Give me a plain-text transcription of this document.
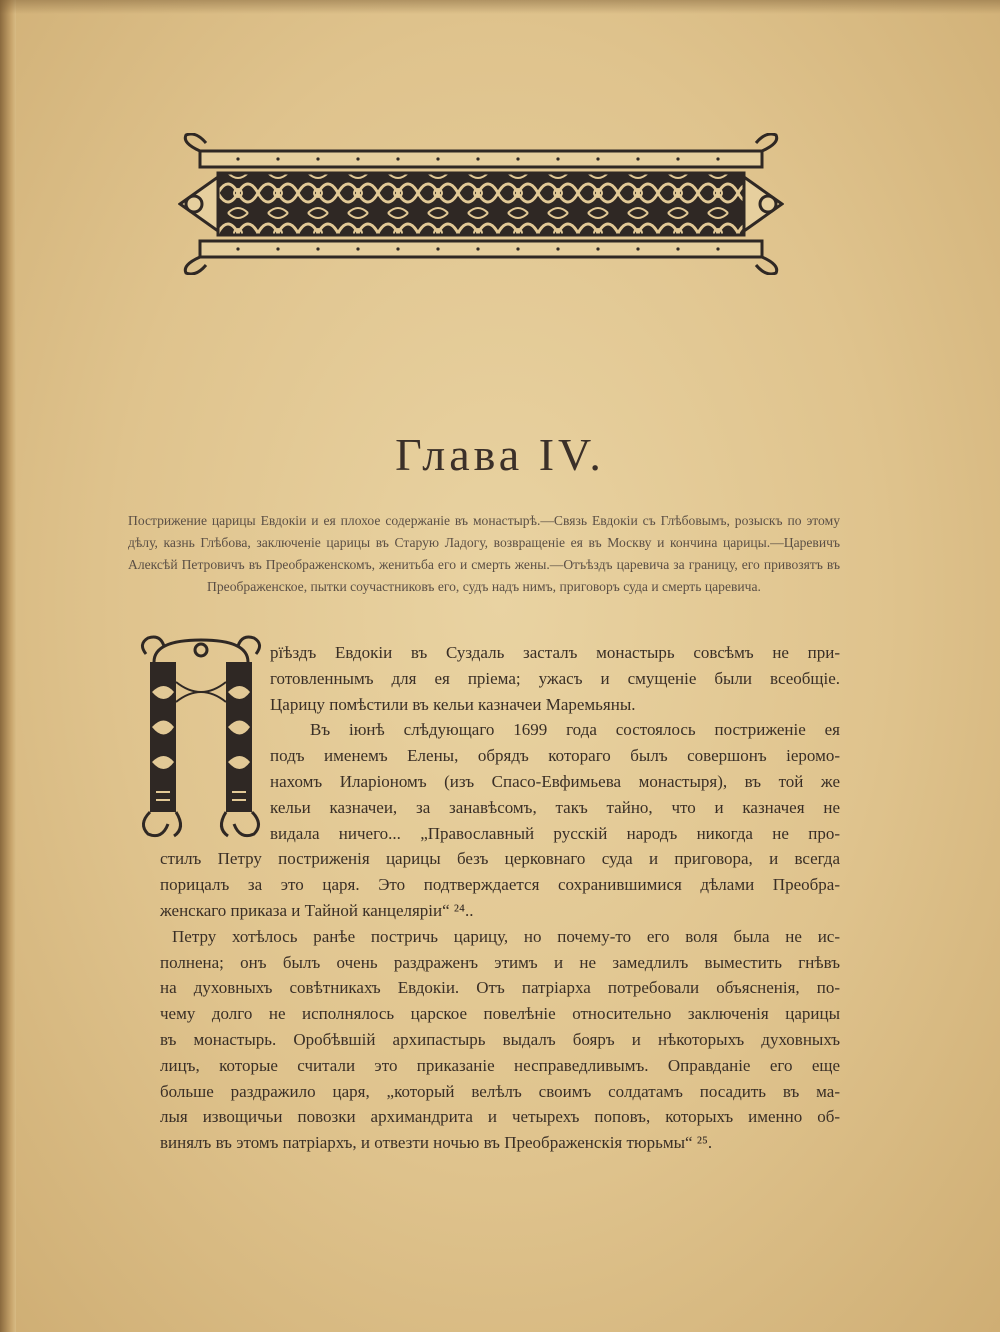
Глава IV.
Пострижение царицы Евдокіи и ея плохое содержаніе въ монастырѣ.—Связь Евдокіи съ Глѣбовымъ, розыскъ по этому дѣлу, казнь Глѣбова, заключеніе царицы въ Старую Ладогу, возвращеніе ея въ Москву и кончина царицы.—Царевичъ Алексѣй Петровичъ въ Преображенскомъ, женитьба его и смерть жены.—Отъѣздъ царевича за границу, его привозятъ въ Преображенское, пытки соучастниковъ его, судъ надъ нимъ, приговоръ суда и смерть царевича.
рїѣздъ Евдокіи въ Суздаль засталъ монастырь совсѣмъ не при-
готовленнымъ для ея пріема; ужасъ и смущеніе были всеобщіе.
Царицу помѣстили въ кельи казначеи Маремьяны.
Въ іюнѣ слѣдующаго 1699 года состоялось постриженіе ея
подъ именемъ Елены, обрядъ котораго былъ совершонъ іеромо-
нахомъ Иларіономъ (изъ Спасо-Евфимьева монастыря), въ той же
кельи казначеи, за занавѣсомъ, такъ тайно, что и казначея не
видала ничего... „Православный русскій народъ никогда не про-
стилъ Петру постриженія царицы безъ церковнаго суда и приговора, и всегда
порицалъ за это царя. Это подтверждается сохранившимися дѣлами Преобра-
женскаго приказа и Тайной канцеляріи“ ²⁴..
Петру хотѣлось ранѣе постричь царицу, но почему-то его воля была не ис-
полнена; онъ былъ очень раздраженъ этимъ и не замедлилъ выместить гнѣвъ
на духовныхъ совѣтникахъ Евдокіи. Отъ патріарха потребовали объясненія, по-
чему долго не исполнялось царское повелѣніе относительно заключенія царицы
въ монастырь. Оробѣвшій архипастырь выдалъ бояръ и нѣкоторыхъ духовныхъ
лицъ, которые считали это приказаніе несправедливымъ. Оправданіе его еще
больше раздражило царя, „который велѣлъ своимъ солдатамъ посадить въ ма-
лыя извощичьи повозки архимандрита и четырехъ поповъ, которыхъ именно об-
винялъ въ этомъ патріархъ, и отвезти ночью въ Преображенскія тюрьмы“ ²⁵.
